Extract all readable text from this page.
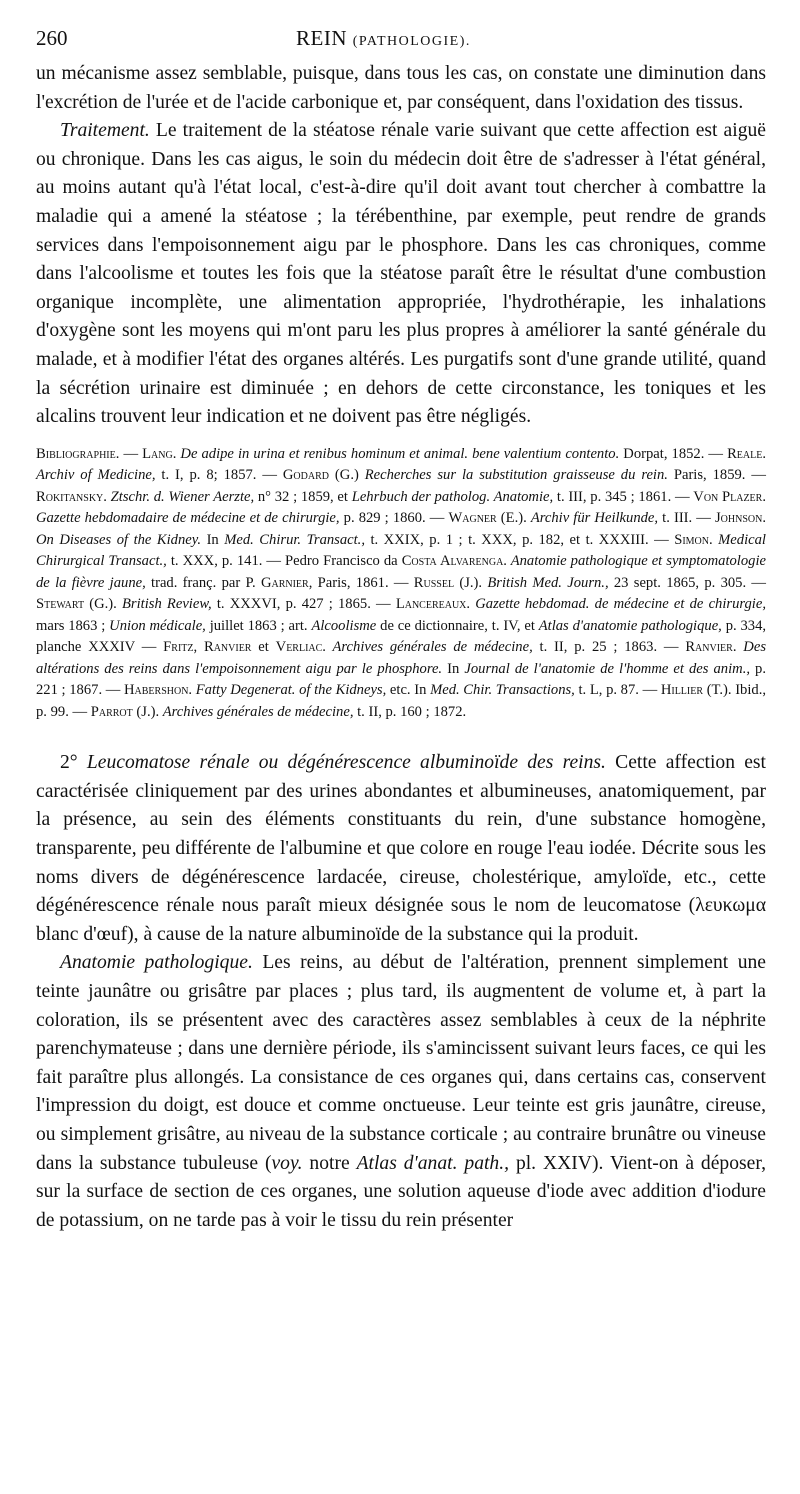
260	REIN (PATHOLOGIE).

un mécanisme assez semblable, puisque, dans tous les cas, on constate une diminution dans l'excrétion de l'urée et de l'acide carbonique et, par conséquent, dans l'oxidation des tissus.

Traitement. Le traitement de la stéatose rénale varie suivant que cette affection est aiguë ou chronique. Dans les cas aigus, le soin du médecin doit être de s'adresser à l'état général, au moins autant qu'à l'état local, c'est-à-dire qu'il doit avant tout chercher à combattre la maladie qui a amené la stéatose ; la térébenthine, par exemple, peut rendre de grands services dans l'empoisonnement aigu par le phosphore. Dans les cas chroniques, comme dans l'alcoolisme et toutes les fois que la stéatose paraît être le résultat d'une combustion organique incomplète, une alimentation appropriée, l'hydrothérapie, les inhalations d'oxygène sont les moyens qui m'ont paru les plus propres à améliorer la santé générale du malade, et à modifier l'état des organes altérés. Les purgatifs sont d'une grande utilité, quand la sécrétion urinaire est diminuée ; en dehors de cette circonstance, les toniques et les alcalins trouvent leur indication et ne doivent pas être négligés.

Bibliographie. — Lang. De adipe in urina et renibus hominum et animal. bene valentium contento. Dorpat, 1852. — Reale. Archiv of Medicine, t. I, p. 8; 1857. — Godard (G.) Recherches sur la substitution graisseuse du rein. Paris, 1859. — Rokitansky. Ztschr. d. Wiener Aerzte, n° 32 ; 1859, et Lehrbuch der patholog. Anatomie, t. III, p. 345 ; 1861. — Von Plazer. Gazette hebdomadaire de médecine et de chirurgie, p. 829 ; 1860. — Wagner (E.). Archiv für Heilkunde, t. III. — Johnson. On Diseases of the Kidney. In Med. Chirur. Transact., t. XXIX, p. 1 ; t. XXX, p. 182, et t. XXXIII. — Simon. Medical Chirurgical Transact., t. XXX, p. 141. — Pedro Francisco da Costa Alvarenga. Anatomie pathologique et symptomatologie de la fièvre jaune, trad. franç. par P. Garnier, Paris, 1861. — Russel (J.). British Med. Journ., 23 sept. 1865, p. 305. — Stewart (G.). British Review, t. XXXVI, p. 427 ; 1865. — Lancereaux. Gazette hebdomad. de médecine et de chirurgie, mars 1863 ; Union médicale, juillet 1863 ; art. Alcoolisme de ce dictionnaire, t. IV, et Atlas d'anatomie pathologique, p. 334, planche XXXIV — Fritz, Ranvier et Verliac. Archives générales de médecine, t. II, p. 25 ; 1863. — Ranvier. Des altérations des reins dans l'empoisonnement aigu par le phosphore. In Journal de l'anatomie de l'homme et des anim., p. 221 ; 1867. — Habershon. Fatty Degenerat. of the Kidneys, etc. In Med. Chir. Transactions, t. L, p. 87. — Hillier (T.). Ibid., p. 99. — Parrot (J.). Archives générales de médecine, t. II, p. 160 ; 1872.

2° Leucomatose rénale ou dégénérescence albuminoïde des reins. Cette affection est caractérisée cliniquement par des urines abondantes et albumineuses, anatomiquement, par la présence, au sein des éléments constituants du rein, d'une substance homogène, transparente, peu différente de l'albumine et que colore en rouge l'eau iodée. Décrite sous les noms divers de dégénérescence lardacée, cireuse, cholestérique, amyloïde, etc., cette dégénérescence rénale nous paraît mieux désignée sous le nom de leucomatose (λευκωμα blanc d'œuf), à cause de la nature albuminoïde de la substance qui la produit.

Anatomie pathologique. Les reins, au début de l'altération, prennent simplement une teinte jaunâtre ou grisâtre par places ; plus tard, ils augmentent de volume et, à part la coloration, ils se présentent avec des caractères assez semblables à ceux de la néphrite parenchymateuse ; dans une dernière période, ils s'amincissent suivant leurs faces, ce qui les fait paraître plus allongés. La consistance de ces organes qui, dans certains cas, conservent l'impression du doigt, est douce et comme onctueuse. Leur teinte est gris jaunâtre, cireuse, ou simplement grisâtre, au niveau de la substance corticale ; au contraire brunâtre ou vineuse dans la substance tubuleuse (voy. notre Atlas d'anat. path., pl. XXIV). Vient-on à déposer, sur la surface de section de ces organes, une solution aqueuse d'iode avec addition d'iodure de potassium, on ne tarde pas à voir le tissu du rein présenter
